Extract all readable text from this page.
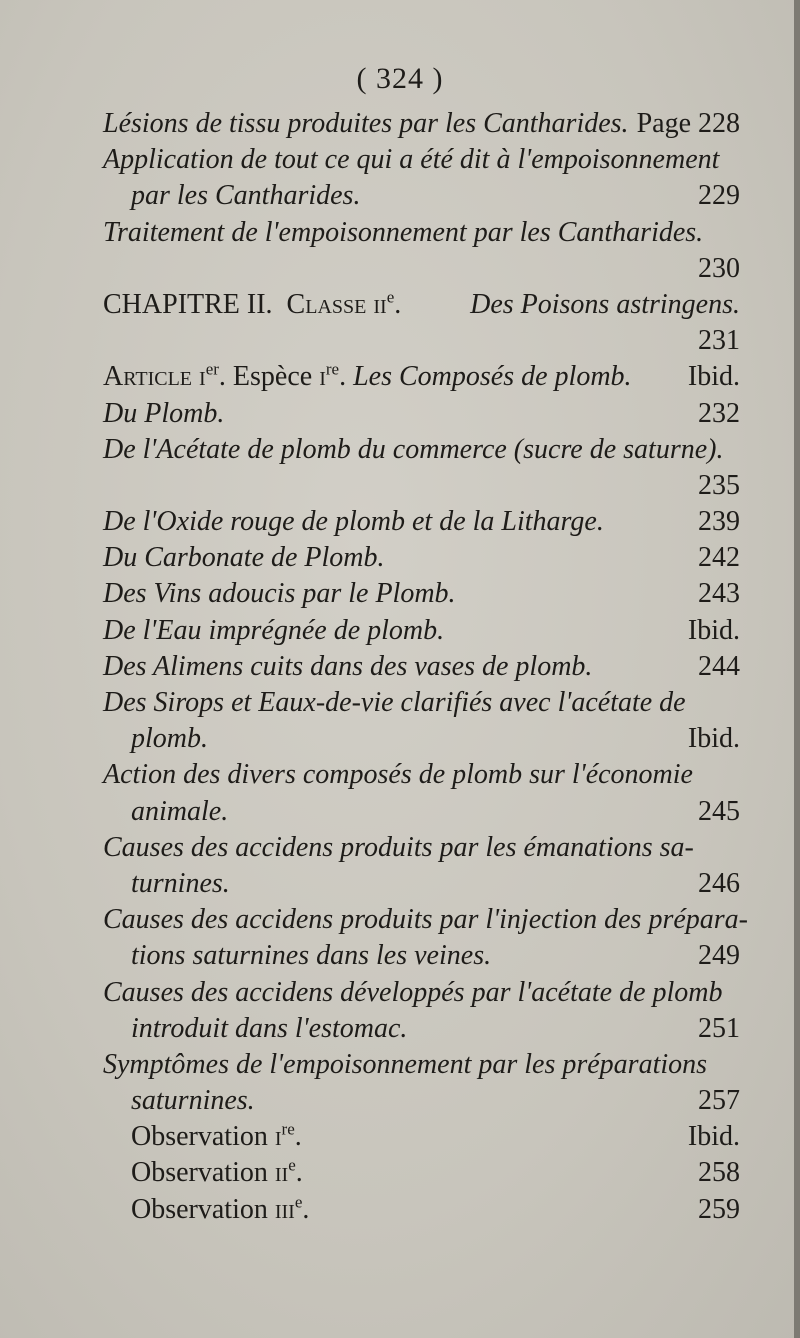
( 324 )
Lésions de tissu produites par les Cantharides. Page 228
Application de tout ce qui a été dit à l'empoisonnement
par les Cantharides.	229
Traitement de l'empoisonnement par les Cantharides.
230
CHAPITRE II. Classe $ii^e$. Des Poisons astringens.
231
Article $i^{er}$. Espèce $i^{re}$. Les Composés de plomb. Ibid.
Du Plomb.	232
De l'Acétate de plomb du commerce (sucre de saturne).
235
De l'Oxide rouge de plomb et de la Litharge.	239
Du Carbonate de Plomb.	242
Des Vins adoucis par le Plomb.	243
De l'Eau imprégnée de plomb.	Ibid.
Des Alimens cuits dans des vases de plomb.	244
Des Sirops et Eaux-de-vie clarifiés avec l'acétate de
plomb.	Ibid.
Action des divers composés de plomb sur l'économie
animale.	245
Causes des accidens produits par les émanations sa-
turnines.	246
Causes des accidens produits par l'injection des prépara-
tions saturnines dans les veines.	249
Causes des accidens développés par l'acétate de plomb
introduit dans l'estomac.	251
Symptômes de l'empoisonnement par les préparations
saturnines.	257
Observation $i^{re}$.	Ibid.
Observation $ii^e$.	258
Observation iii$^e$.	259
